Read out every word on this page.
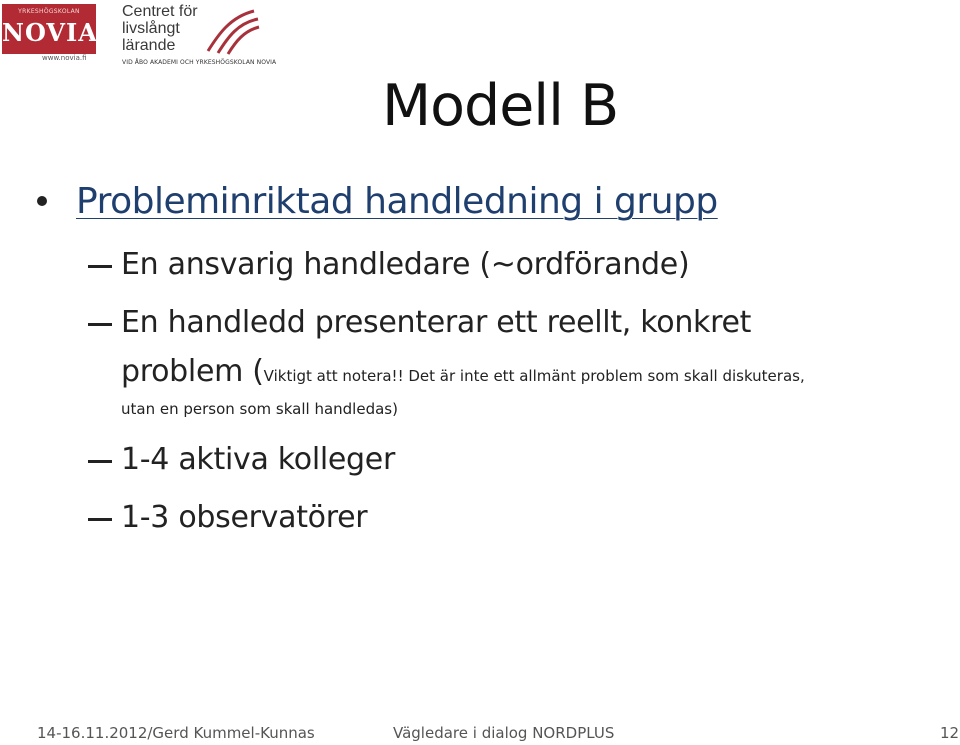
YRKESHÖGSKOLAN
NOVIA
www.novia.fi
Centret för
livslångt
lärande
VID ÅBO AKADEMI OCH YRKESHÖGSKOLAN NOVIA
Modell B
Probleminriktad handledning i grupp
En ansvarig handledare (~ordförande)
En handledd presenterar ett reellt, konkret
problem (Viktigt att notera!! Det är inte ett allmänt problem som skall diskuteras,
utan en person som skall handledas)
1-4 aktiva kolleger
1-3 observatörer
14-16.11.2012/Gerd Kummel-Kunnas	Vägledare i dialog NORDPLUS	12
